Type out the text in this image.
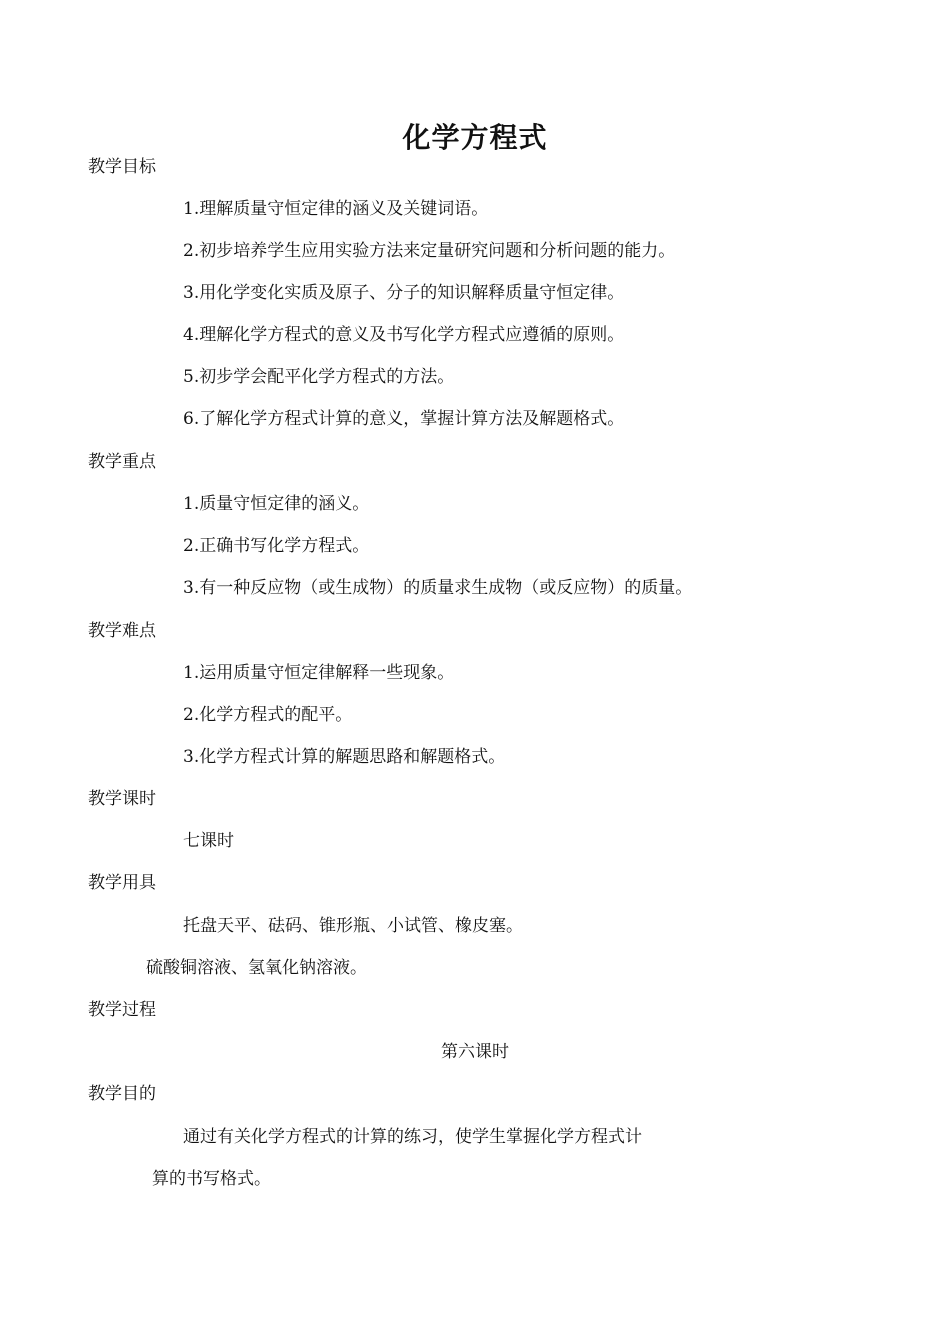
化学方程式
教学目标
1.理解质量守恒定律的涵义及关键词语。
2.初步培养学生应用实验方法来定量研究问题和分析问题的能力。
3.用化学变化实质及原子、分子的知识解释质量守恒定律。
4.理解化学方程式的意义及书写化学方程式应遵循的原则。
5.初步学会配平化学方程式的方法。
6.了解化学方程式计算的意义，掌握计算方法及解题格式。
教学重点
1.质量守恒定律的涵义。
2.正确书写化学方程式。
3.有一种反应物（或生成物）的质量求生成物（或反应物）的质量。
教学难点
1.运用质量守恒定律解释一些现象。
2.化学方程式的配平。
3.化学方程式计算的解题思路和解题格式。
教学课时
七课时
教学用具
托盘天平、砝码、锥形瓶、小试管、橡皮塞。
硫酸铜溶液、氢氧化钠溶液。
教学过程
第六课时
教学目的
通过有关化学方程式的计算的练习，使学生掌握化学方程式计
算的书写格式。
